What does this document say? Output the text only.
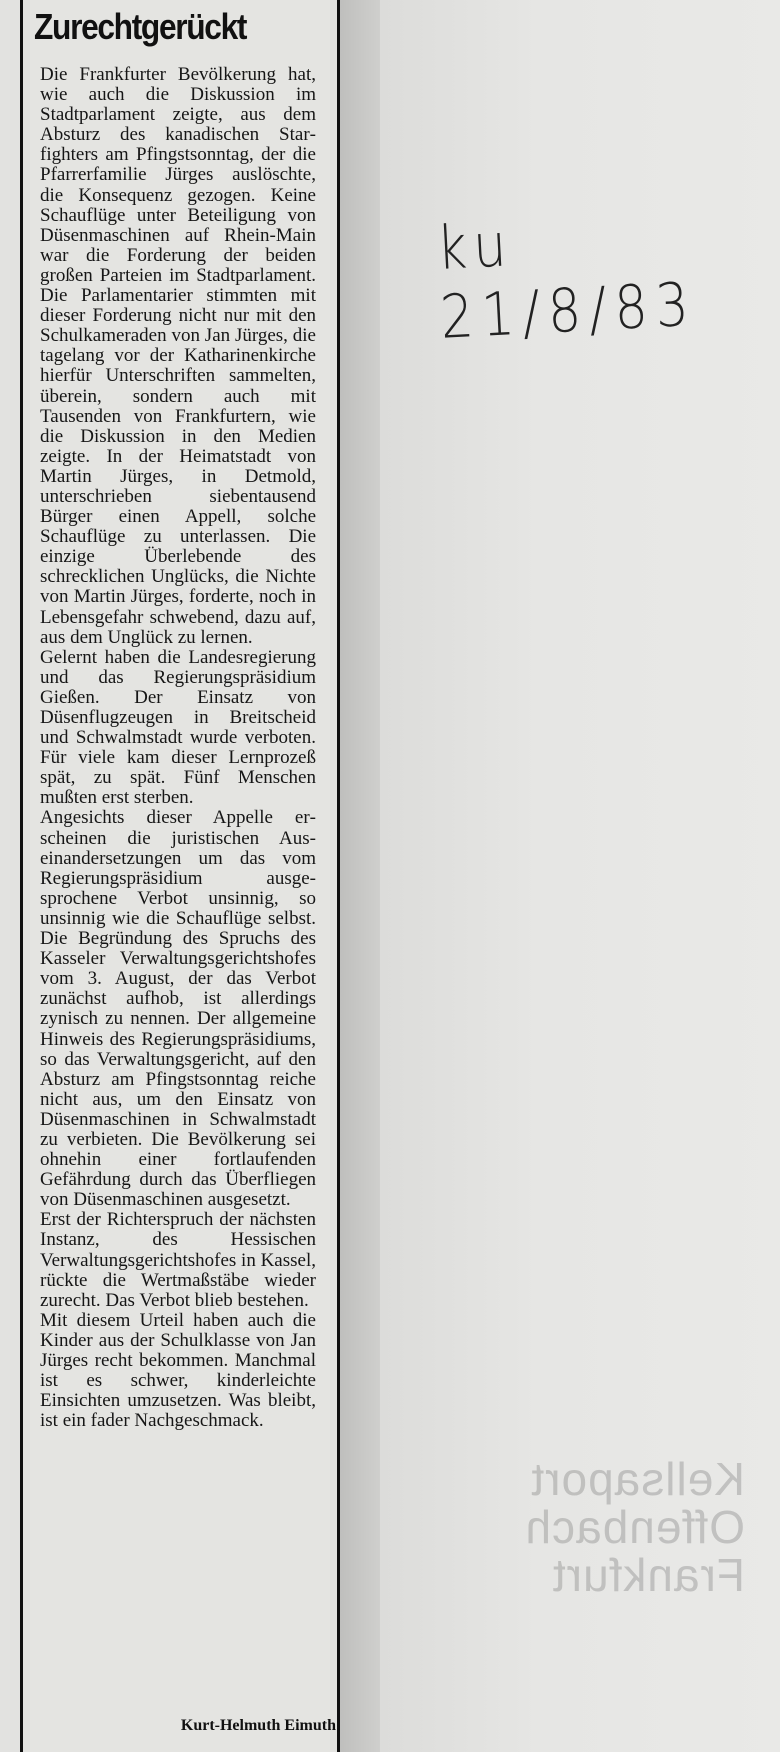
Zurechtgerückt

Die Frankfurter Bevölkerung hat, wie auch die Diskussion im Stadtparlament zeigte, aus dem Absturz des kanadischen Starfighters am Pfingstsonntag, der die Pfarrerfamilie Jürges auslöschte, die Konsequenz gezogen. Keine Schauflüge unter Beteiligung von Düsenmaschinen auf Rhein-Main war die Forderung der beiden großen Parteien im Stadtparlament. Die Parlamentarier stimmten mit dieser Forderung nicht nur mit den Schulkameraden von Jan Jürges, die tagelang vor der Katharinenkirche hierfür Unterschriften sammelten, überein, sondern auch mit Tausenden von Frankfurtern, wie die Diskussion in den Medien zeigte. In der Heimatstadt von Martin Jürges, in Detmold, unterschrieben siebentausend Bürger einen Appell, solche Schauflüge zu unterlassen. Die einzige Überlebende des schrecklichen Unglücks, die Nichte von Martin Jürges, forderte, noch in Lebensgefahr schwebend, dazu auf, aus dem Unglück zu lernen.

Gelernt haben die Landesregierung und das Regierungspräsidium Gießen. Der Einsatz von Düsenflugzeugen in Breitscheid und Schwalmstadt wurde verboten. Für viele kam dieser Lernprozeß spät, zu spät. Fünf Menschen mußten erst sterben.

Angesichts dieser Appelle erscheinen die juristischen Auseinandersetzungen um das vom Regierungspräsidium ausgesprochene Verbot unsinnig, so unsinnig wie die Schauflüge selbst. Die Begründung des Spruchs des Kasseler Verwaltungsgerichtshofes vom 3. August, der das Verbot zunächst aufhob, ist allerdings zynisch zu nennen. Der allgemeine Hinweis des Regierungspräsidiums, so das Verwaltungsgericht, auf den Absturz am Pfingstsonntag reiche nicht aus, um den Einsatz von Düsenmaschinen in Schwalmstadt zu verbieten. Die Bevölkerung sei ohnehin einer fortlaufenden Gefährdung durch das Überfliegen von Düsenmaschinen ausgesetzt.

Erst der Richterspruch der nächsten Instanz, des Hessischen Verwaltungsgerichtshofes in Kassel, rückte die Wertmaßstäbe wieder zurecht. Das Verbot blieb bestehen.

Mit diesem Urteil haben auch die Kinder aus der Schulklasse von Jan Jürges recht bekommen. Manchmal ist es schwer, kinderleichte Einsichten umzusetzen. Was bleibt, ist ein fader Nachgeschmack.

Kurt-Helmuth Eimuth
ku 21/8/83
Kellsaport Offenbach Frankfurt
